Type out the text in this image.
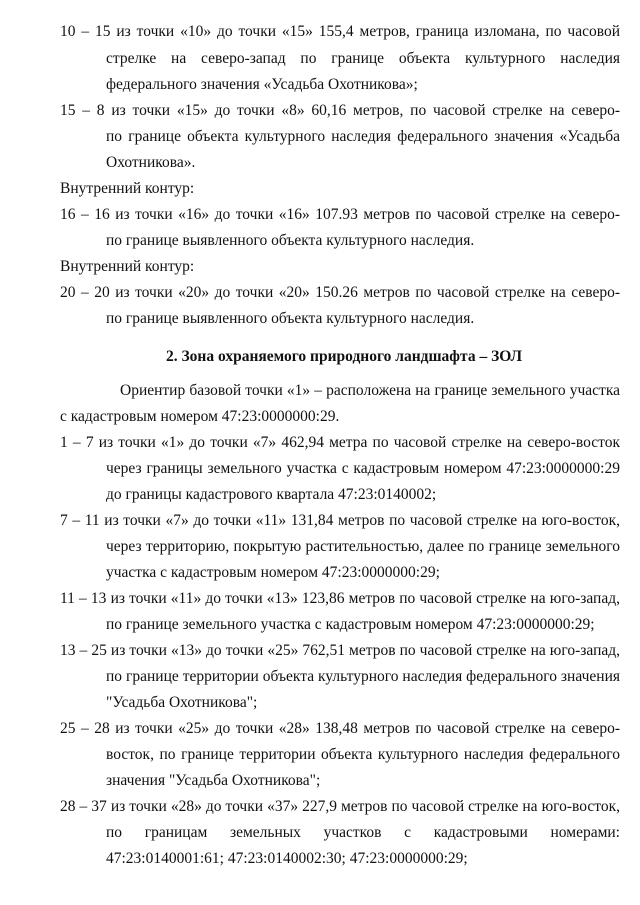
10 – 15 из точки «10» до точки «15» 155,4 метров, граница изломана, по часовой
стрелке на северо-запад по границе объекта культурного наследия
федерального значения «Усадьба Охотникова»;
15 – 8 из точки «15» до точки «8» 60,16 метров, по часовой стрелке на северо-
по границе объекта культурного наследия федерального значения «Усадьба
Охотникова».
Внутренний контур:
16 – 16 из точки «16» до точки «16» 107.93 метров по часовой стрелке на северо-
по границе выявленного объекта культурного наследия.
Внутренний контур:
20 – 20 из точки «20» до точки «20» 150.26 метров по часовой стрелке на северо-
по границе выявленного объекта культурного наследия.
2. Зона охраняемого природного ландшафта – ЗОЛ
Ориентир базовой точки «1» – расположена на границе земельного участка
с кадастровым номером 47:23:0000000:29.
1 – 7 из точки «1» до точки «7» 462,94 метра по часовой стрелке на северо-восток
через границы земельного участка с кадастровым номером 47:23:0000000:29
до границы кадастрового квартала 47:23:0140002;
7 – 11 из точки «7» до точки «11» 131,84 метров по часовой стрелке на юго-восток,
через территорию, покрытую растительностью, далее по границе земельного
участка с кадастровым номером 47:23:0000000:29;
11 – 13 из точки «11» до точки «13» 123,86 метров по часовой стрелке на юго-запад,
по границе земельного участка с кадастровым номером 47:23:0000000:29;
13 – 25 из точки «13» до точки «25» 762,51 метров по часовой стрелке на юго-запад,
по границе территории объекта культурного наследия федерального значения
"Усадьба Охотникова";
25 – 28 из точки «25» до точки «28» 138,48 метров по часовой стрелке на северо-
восток, по границе территории объекта культурного наследия федерального
значения "Усадьба Охотникова";
28 – 37 из точки «28» до точки «37» 227,9 метров по часовой стрелке на юго-восток,
по границам земельных участков с кадастровыми номерами:
47:23:0140001:61; 47:23:0140002:30; 47:23:0000000:29;
